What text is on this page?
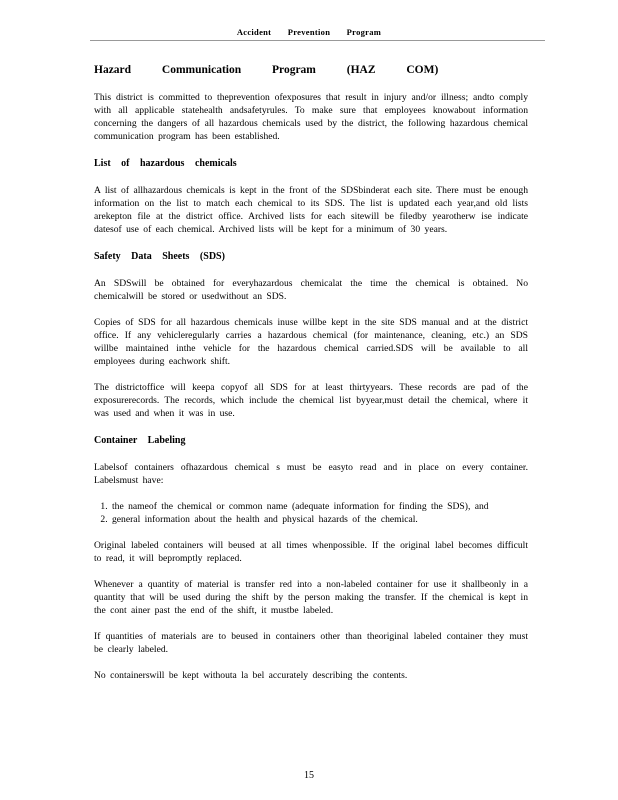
Accident Prevention Program
Hazard Communication Program (HAZ COM)

This district is committed to theprevention ofexposures that result in injury and/or illness; andto comply with all applicable statehealth andsafetyrules. To make sure that employees knowabout information concerning the dangers of all hazardous chemicals used by the district, the following hazardous chemical communication program has been established.

List of hazardous chemicals

A list of allhazardous chemicals is kept in the front of the SDSbinderat each site. There must be enough information on the list to match each chemical to its SDS. The list is updated each year,and old lists arekepton file at the district office. Archived lists for each sitewill be filedby yearotherw ise indicate datesof use of each chemical. Archived lists will be kept for a minimum of 30 years.

Safety Data Sheets (SDS)

An SDSwill be obtained for everyhazardous chemicalat the time the chemical is obtained. No chemicalwill be stored or usedwithout an SDS.

Copies of SDS for all hazardous chemicals inuse willbe kept in the site SDS manual and at the district office. If any vehicleregularly carries a hazardous chemical (for maintenance, cleaning, etc.) an SDS willbe maintained inthe vehicle for the hazardous chemical carried.SDS will be available to all employees during eachwork shift.

The districtoffice will keepa copyof all SDS for at least thirtyyears. These records are pad of the exposurerecords. The records, which include the chemical list byyear,must detail the chemical, where it was used and when it was in use.

Container Labeling

Labelsof containers ofhazardous chemical s must be easyto read and in place on every container. Labelsmust have:

1. the nameof the chemical or common name (adequate information for finding the SDS), and
2. general information about the health and physical hazards of the chemical.

Original labeled containers will beused at all times whenpossible. If the original label becomes difficult to read, it will bepromptly replaced.

Whenever a quantity of material is transfer red into a non-labeled container for use it shallbeonly in a quantity that will be used during the shift by the person making the transfer. If the chemical is kept in the cont ainer past the end of the shift, it mustbe labeled.

If quantities of materials are to beused in containers other than theoriginal labeled container they must be clearly labeled.

No containerswill be kept withouta la bel accurately describing the contents.

15
